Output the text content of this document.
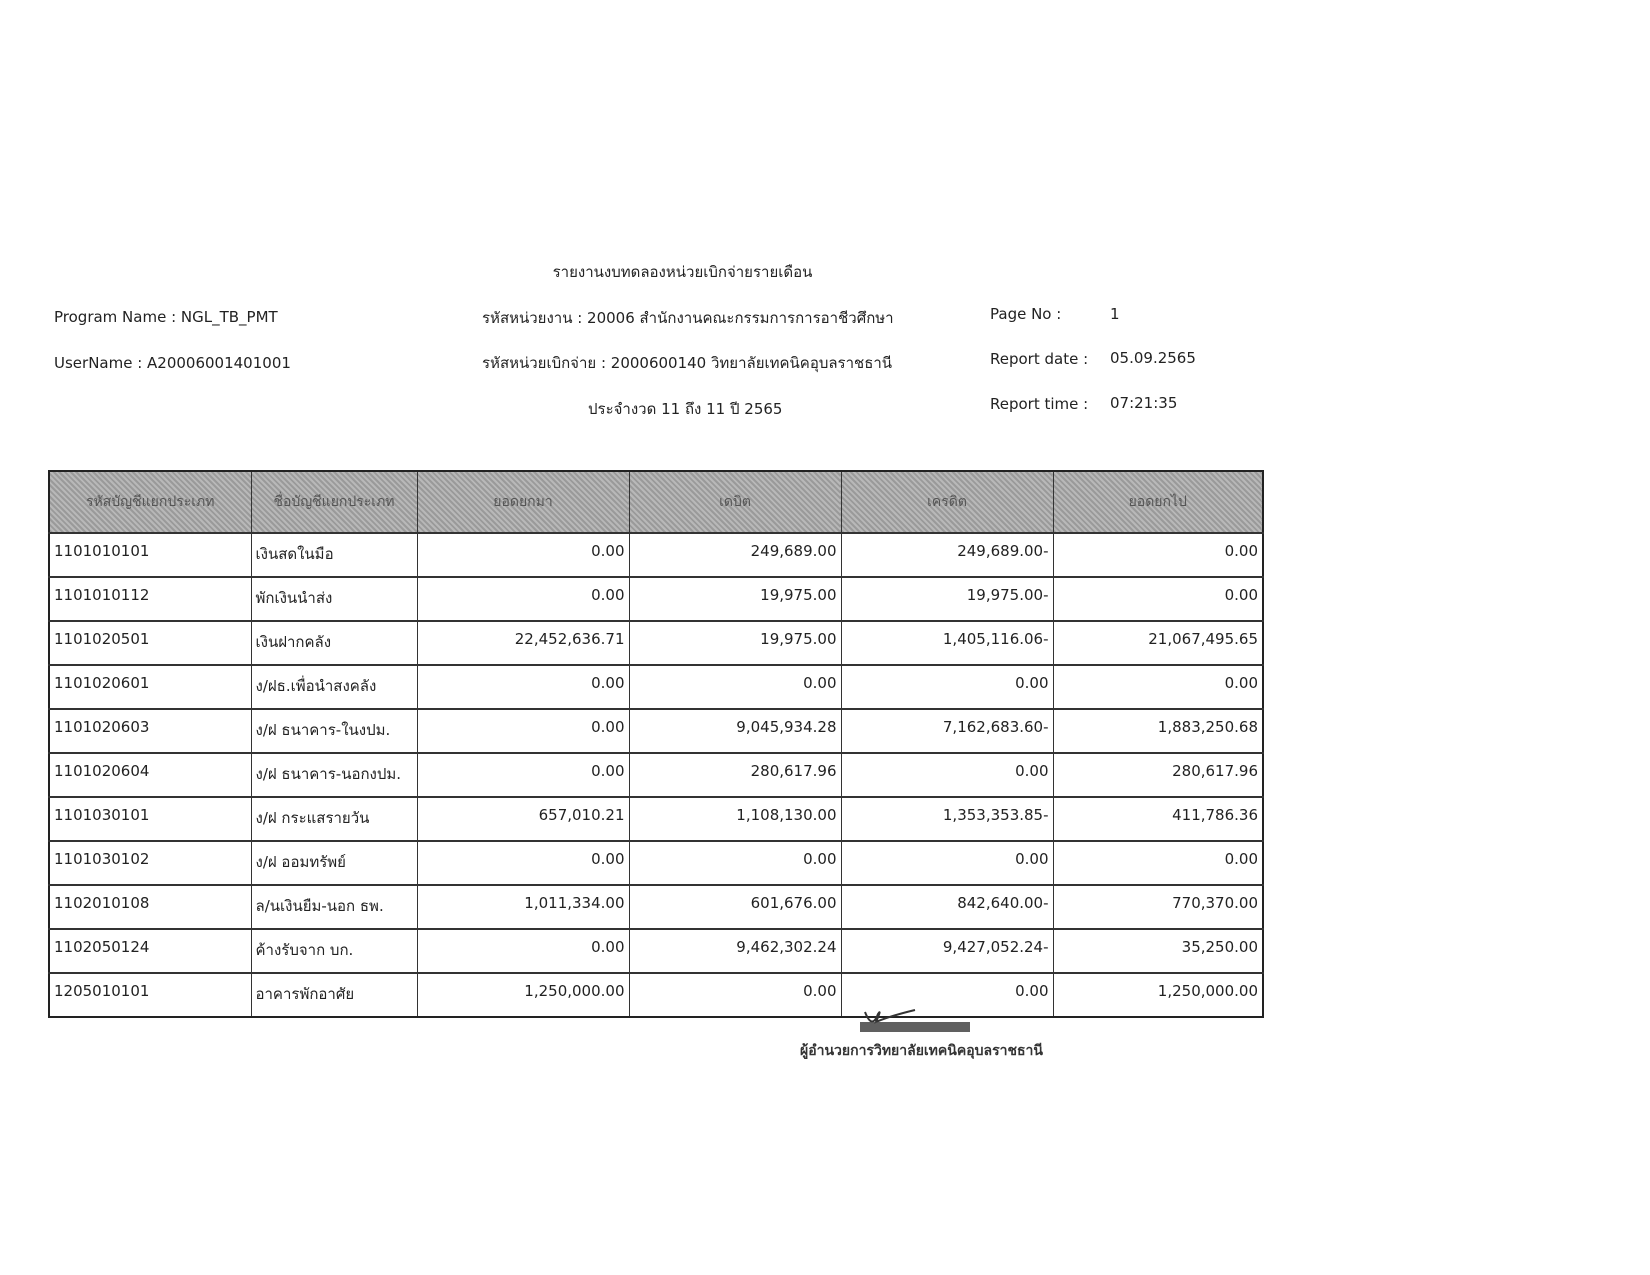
รายงานงบทดลองหน่วยเบิกจ่ายรายเดือน
Program Name : NGL_TB_PMT
UserName : A20006001401001
รหัสหน่วยงาน : 20006 สำนักงานคณะกรรมการการอาชีวศึกษา
รหัสหน่วยเบิกจ่าย : 2000600140 วิทยาลัยเทคนิคอุบลราชธานี
ประจำงวด 11 ถึง 11 ปี 2565
Page No :	1
Report date : 05.09.2565
Report time : 07:21:35
รหัสบัญชีแยกประเภท	ชื่อบัญชีแยกประเภท	ยอดยกมา	เดบิต	เครดิต	ยอดยกไป
1101010101	เงินสดในมือ	0.00	249,689.00	249,689.00-	0.00
1101010112	พักเงินนำส่ง	0.00	19,975.00	19,975.00-	0.00
1101020501	เงินฝากคลัง	22,452,636.71	19,975.00	1,405,116.06-	21,067,495.65
1101020601	ง/ฝธ.เพื่อนำสงคลัง	0.00	0.00	0.00	0.00
1101020603	ง/ฝ ธนาคาร-ในงปม.	0.00	9,045,934.28	7,162,683.60-	1,883,250.68
1101020604	ง/ฝ ธนาคาร-นอกงปม.	0.00	280,617.96	0.00	280,617.96
1101030101	ง/ฝ กระแสรายวัน	657,010.21	1,108,130.00	1,353,353.85-	411,786.36
1101030102	ง/ฝ ออมทรัพย์	0.00	0.00	0.00	0.00
1102010108	ล/นเงินยืม-นอก ธพ.	1,011,334.00	601,676.00	842,640.00-	770,370.00
1102050124	ค้างรับจาก บก.	0.00	9,462,302.24	9,427,052.24-	35,250.00
1205010101	อาคารพักอาศัย	1,250,000.00	0.00	0.00	1,250,000.00
ผู้อำนวยการวิทยาลัยเทคนิคอุบลราชธานี
